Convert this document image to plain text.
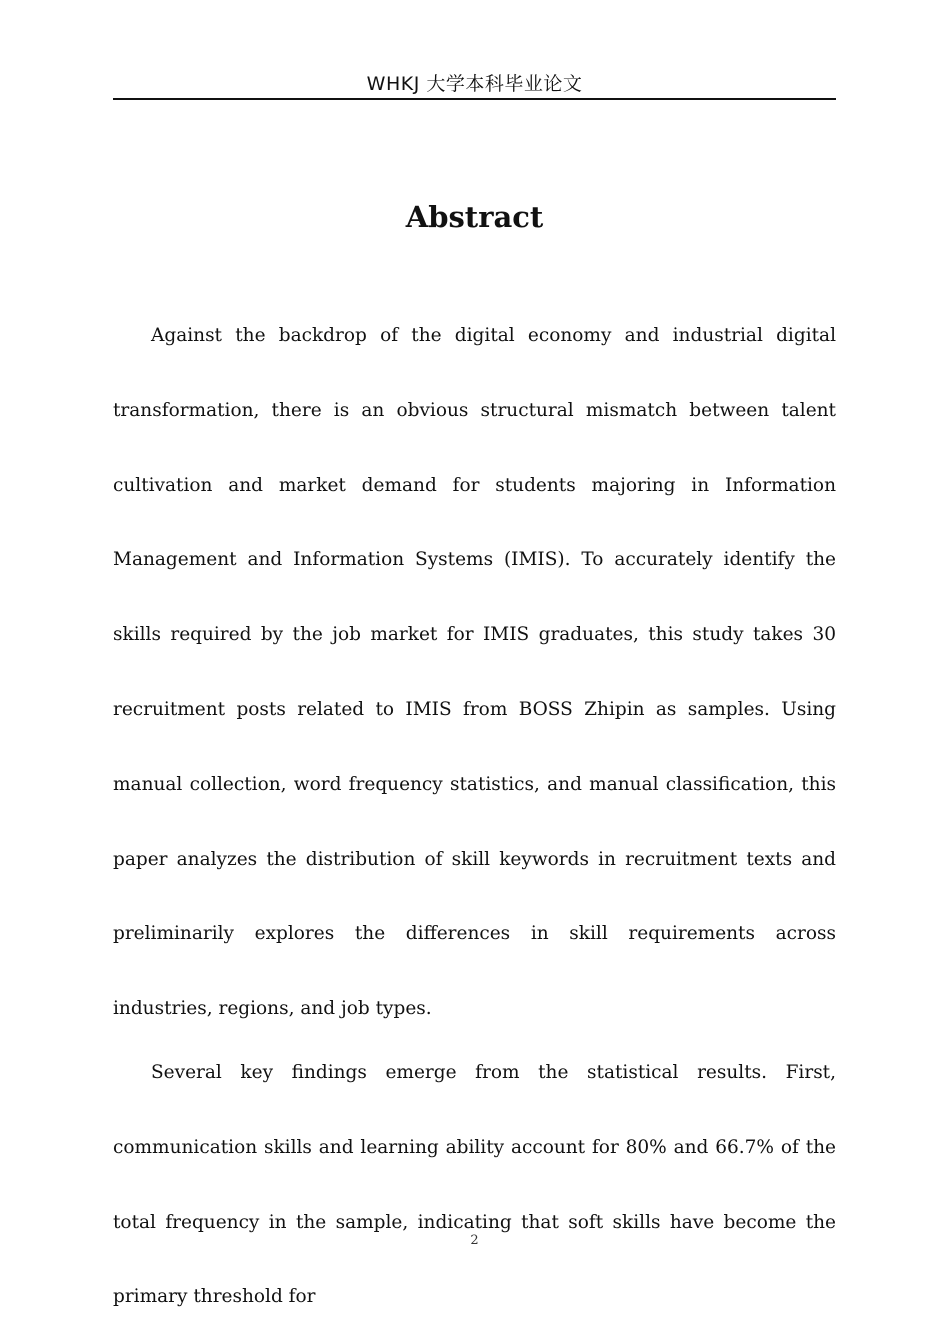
WHKJ 大学本科毕业论文
Abstract

Against the backdrop of the digital economy and industrial digital transformation, there is an obvious structural mismatch between talent cultivation and market demand for students majoring in Information Management and Information Systems (IMIS). To accurately identify the skills required by the job market for IMIS graduates, this study takes 30 recruitment posts related to IMIS from BOSS Zhipin as samples. Using manual collection, word frequency statistics, and manual classification, this paper analyzes the distribution of skill keywords in recruitment texts and preliminarily explores the differences in skill requirements across industries, regions, and job types.

Several key findings emerge from the statistical results. First, communication skills and learning ability account for 80% and 66.7% of the total frequency in the sample, indicating that soft skills have become the primary threshold for

2
